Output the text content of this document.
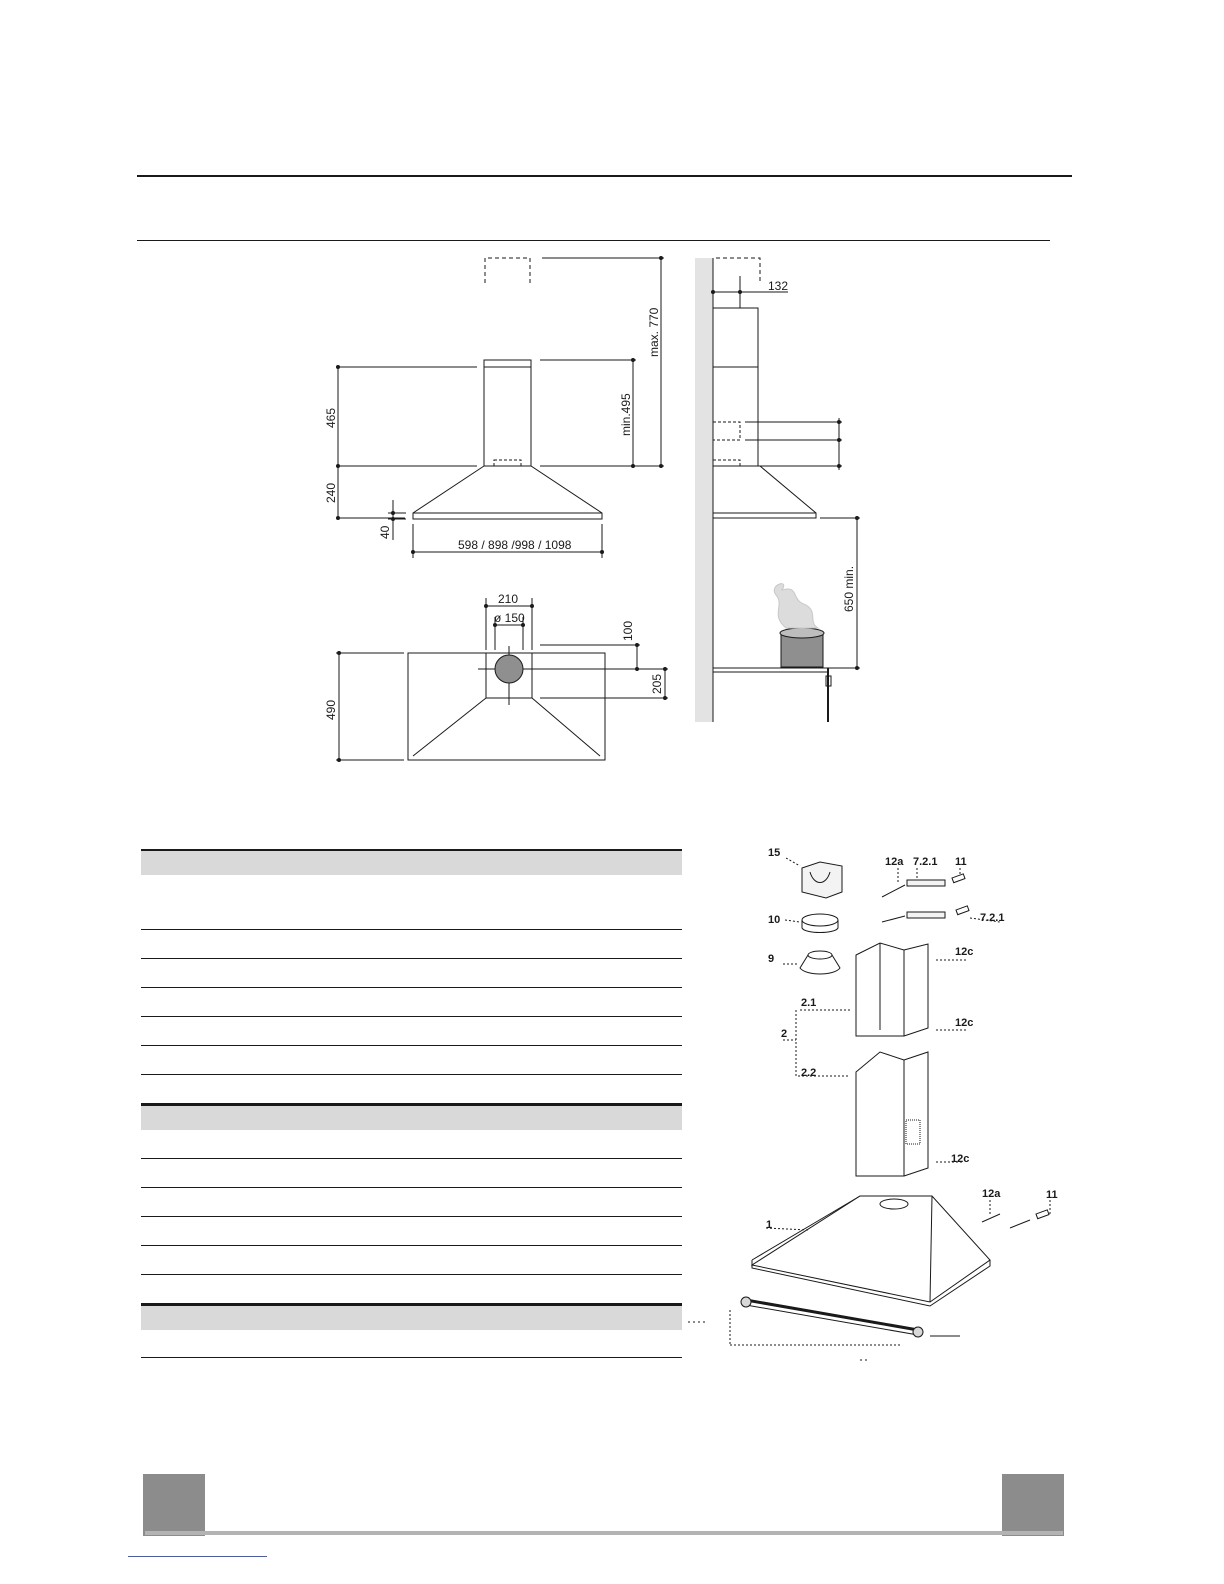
max. 770
min.495
465
240
40
598 / 898 /998 / 1098
210
ø 150
100
205
490
132
650 min.
15
12a 7.2.1 11
10	7.2.1
9
12c
2.1
2
12c
2.2
12c
12a	11
1
